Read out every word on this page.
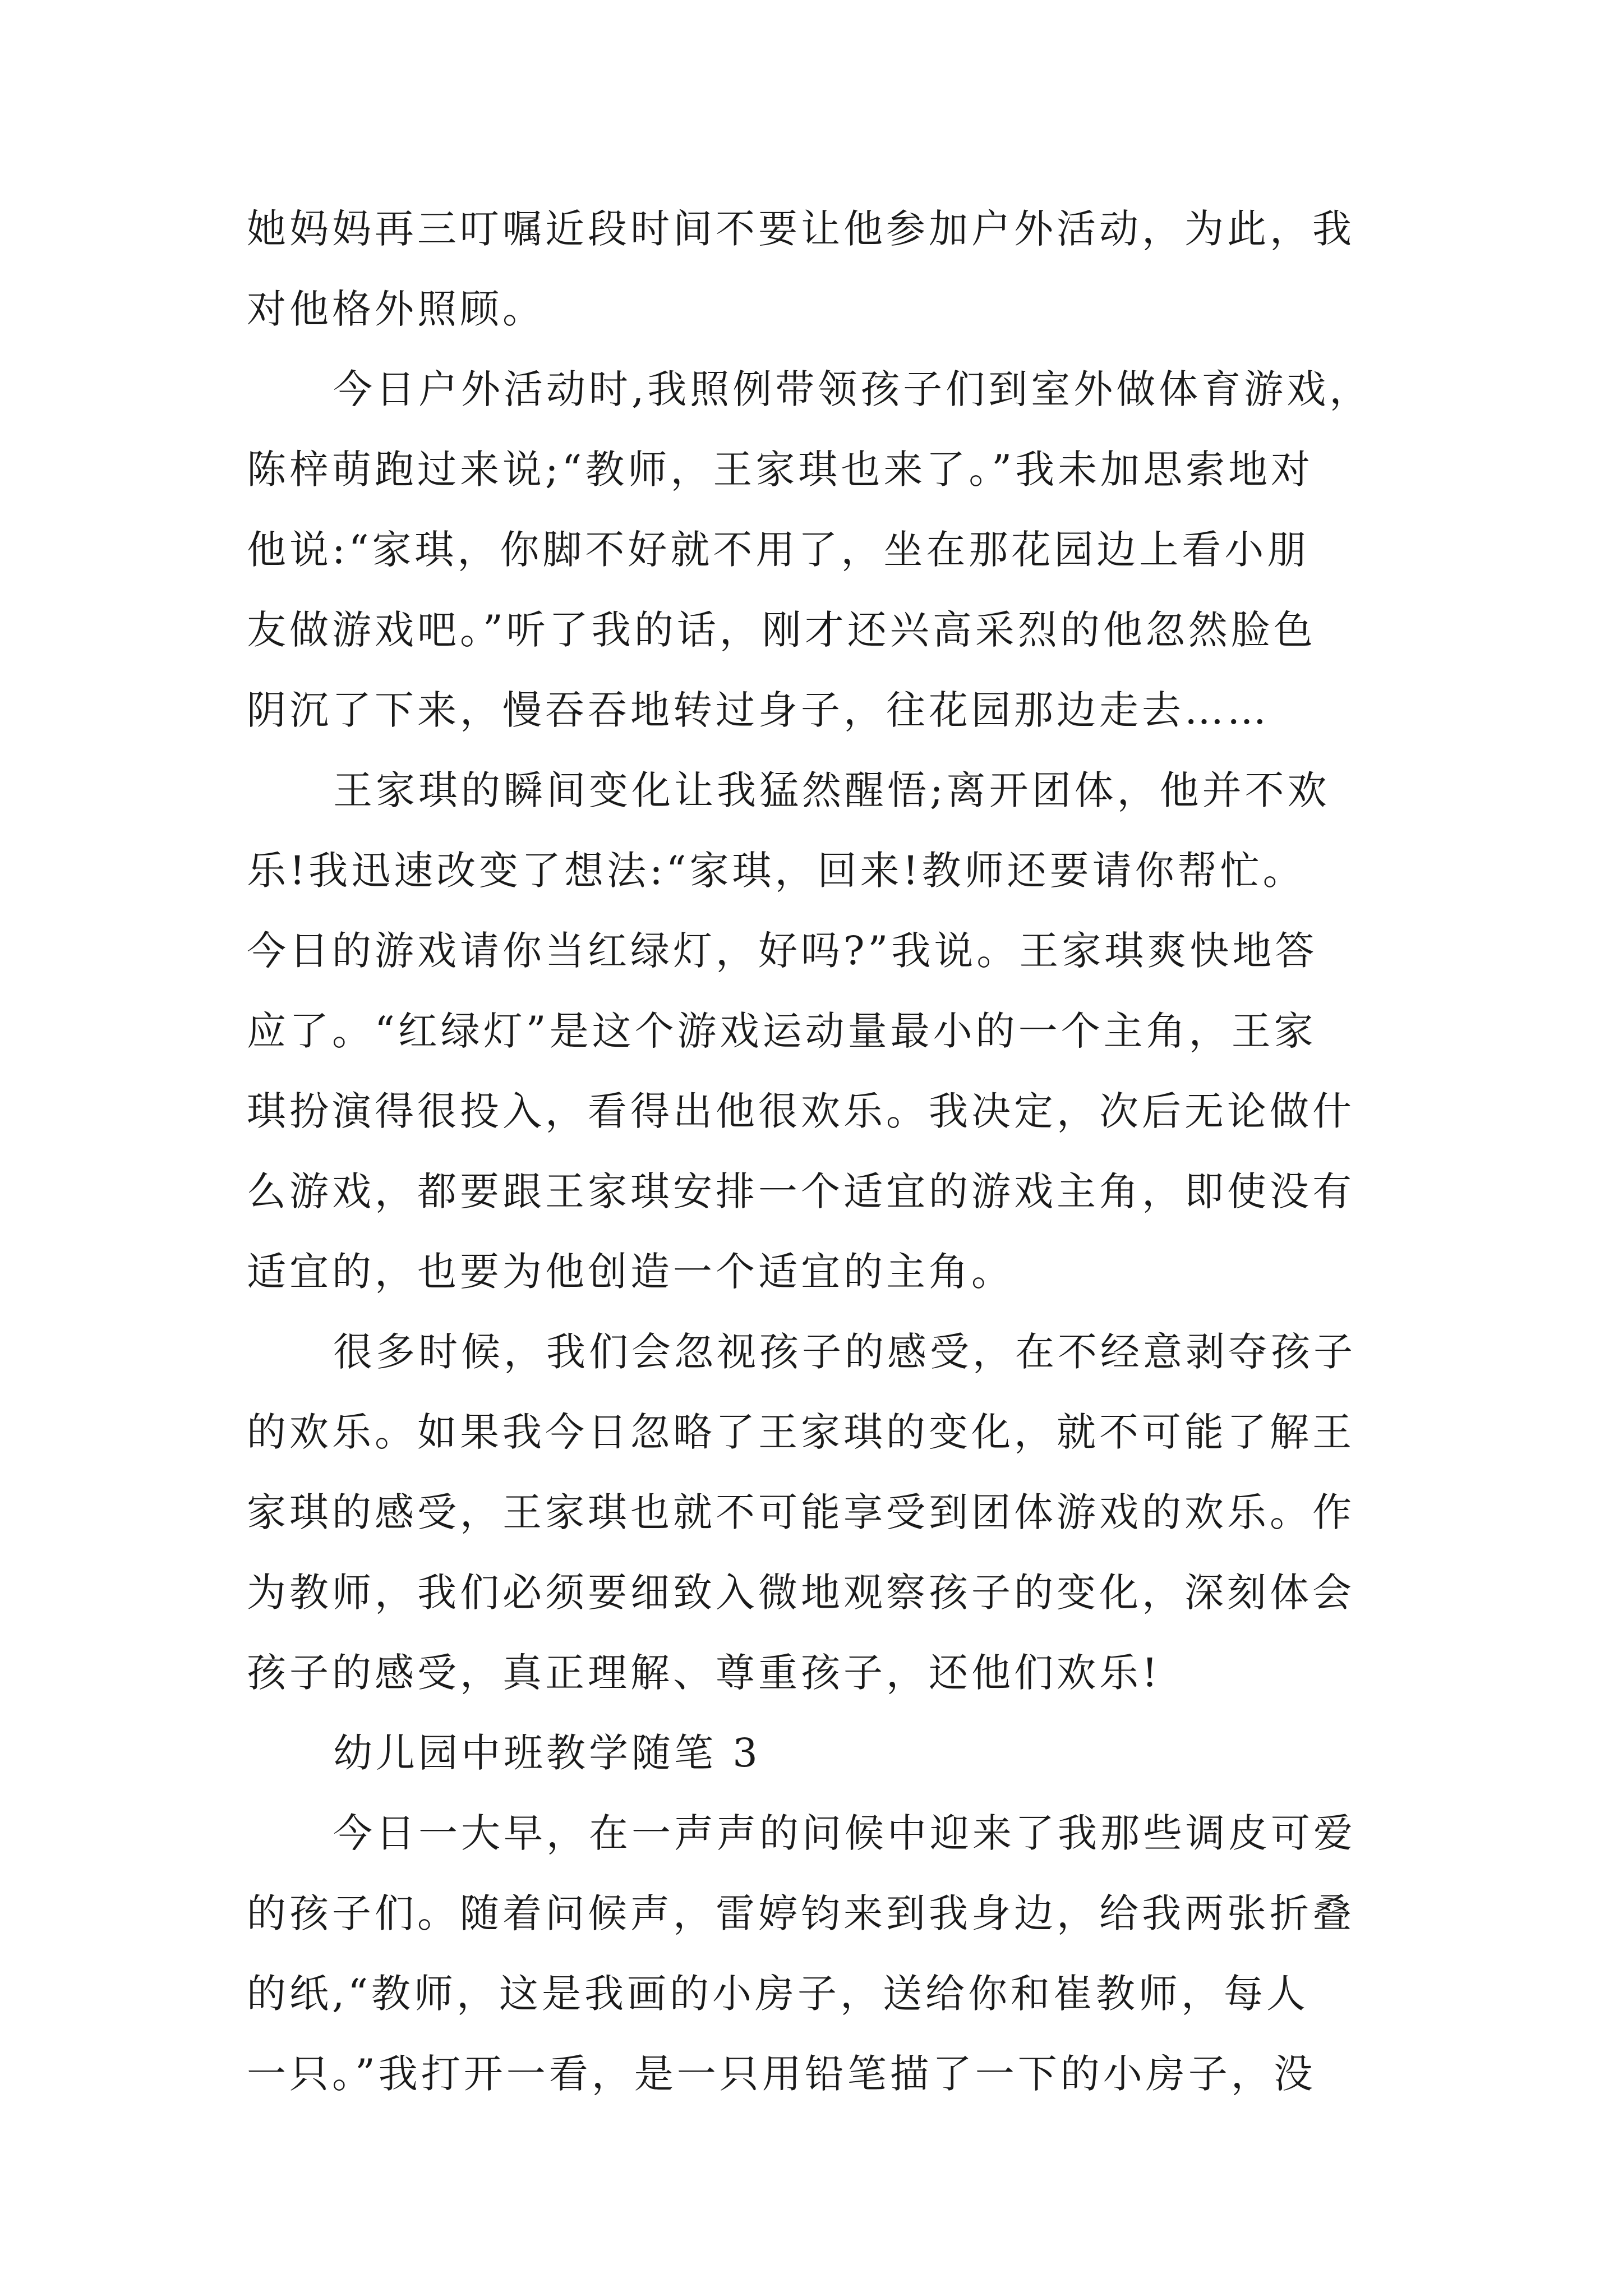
她妈妈再三叮嘱近段时间不要让他参加户外活动，为此，我
对他格外照顾。
今日户外活动时,我照例带领孩子们到室外做体育游戏，
陈梓萌跑过来说;“教师，王家琪也来了。”我未加思索地对
他说:“家琪，你脚不好就不用了，坐在那花园边上看小朋
友做游戏吧。”听了我的话，刚才还兴高采烈的他忽然脸色
阴沉了下来，慢吞吞地转过身子，往花园那边走去……
王家琪的瞬间变化让我猛然醒悟;离开团体，他并不欢
乐!我迅速改变了想法:“家琪，回来!教师还要请你帮忙。
今日的游戏请你当红绿灯，好吗?”我说。王家琪爽快地答
应了。“红绿灯”是这个游戏运动量最小的一个主角，王家
琪扮演得很投入，看得出他很欢乐。我决定，次后无论做什
么游戏，都要跟王家琪安排一个适宜的游戏主角，即使没有
适宜的，也要为他创造一个适宜的主角。
很多时候，我们会忽视孩子的感受，在不经意剥夺孩子
的欢乐。如果我今日忽略了王家琪的变化，就不可能了解王
家琪的感受，王家琪也就不可能享受到团体游戏的欢乐。作
为教师，我们必须要细致入微地观察孩子的变化，深刻体会
孩子的感受，真正理解、尊重孩子，还他们欢乐!
幼儿园中班教学随笔 3
今日一大早，在一声声的问候中迎来了我那些调皮可爱
的孩子们。随着问候声，雷婷钧来到我身边，给我两张折叠
的纸,“教师，这是我画的小房子，送给你和崔教师，每人
一只。”我打开一看，是一只用铅笔描了一下的小房子，没
